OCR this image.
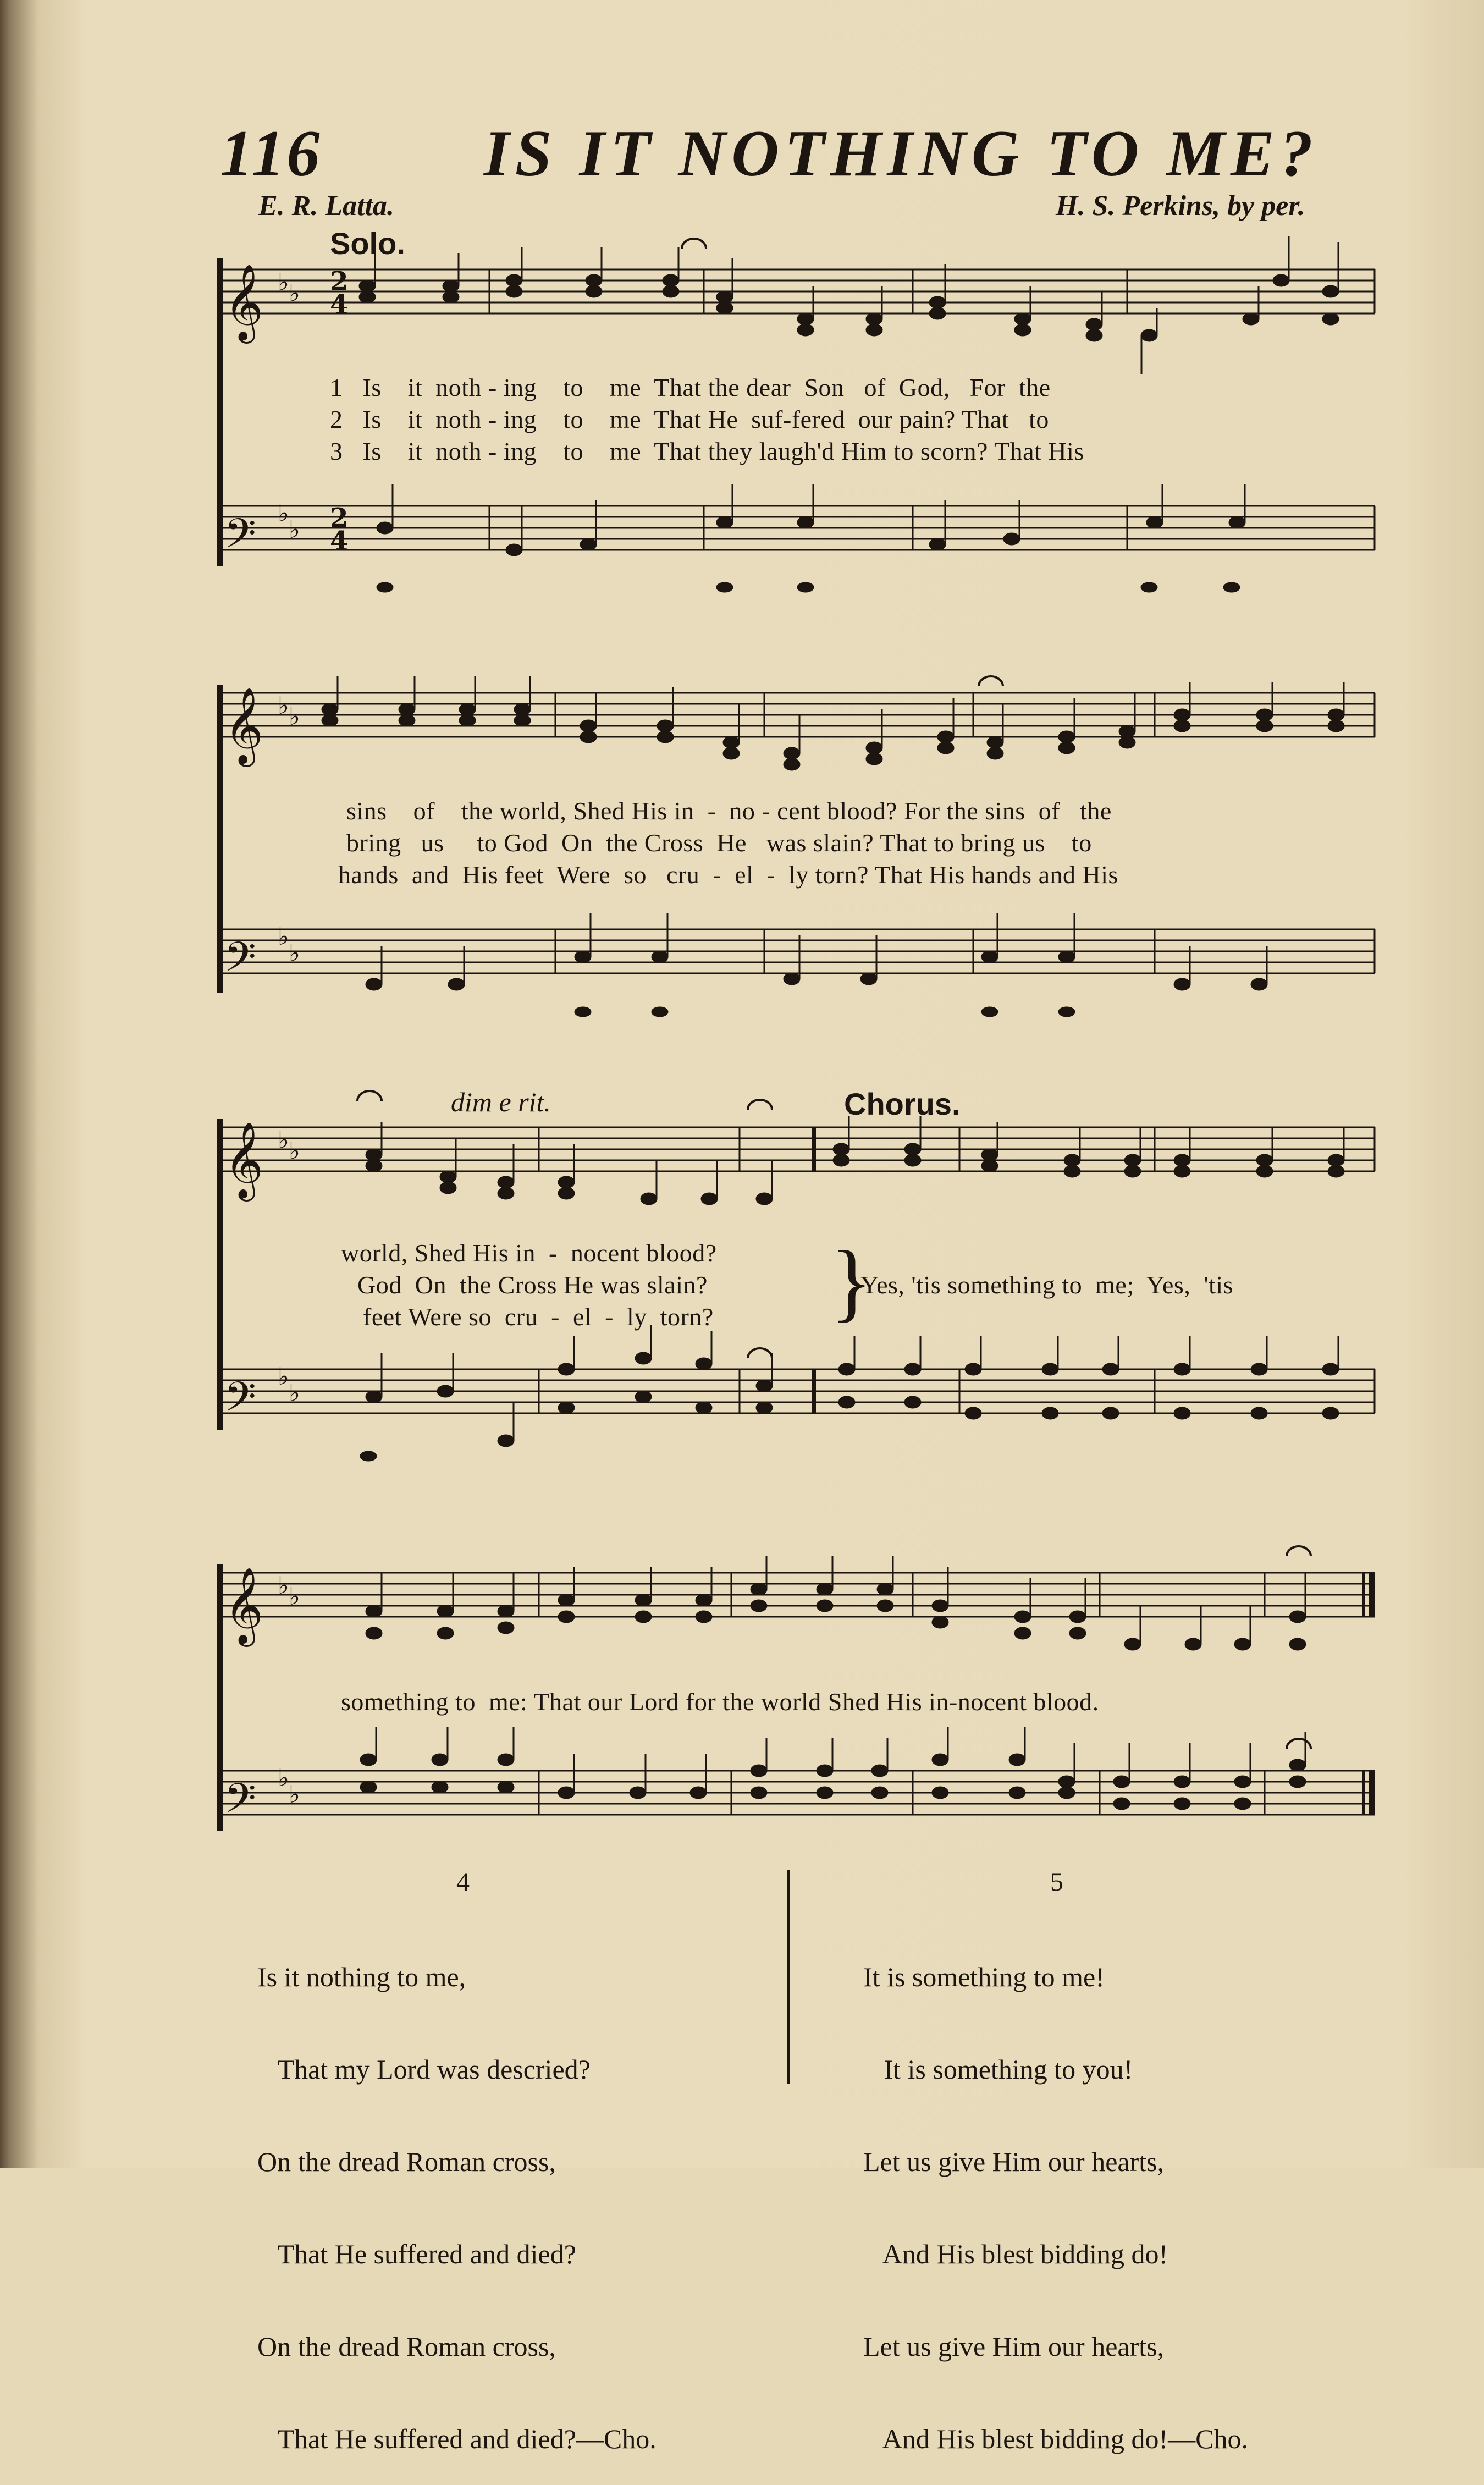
116 IS IT NOTHING TO ME?
E. R. Latta.	H. S. Perkins, by per.
𝄞
𝄢
𝄞
𝄢
𝄞
𝄢
𝄞
𝄢
♭ ♭
♭
♭
♭ ♭
♭
♭
♭ ♭
♭
♭
♭ ♭
♭
♭
2
4
2
4
Solo.
dim e rit.	Chorus.
1   Is    it  noth - ing    to    me  That the dear  Son   of  God,   For  the
2   Is    it  noth - ing    to    me  That He  suf-fered  our pain? That   to
3   Is    it  noth - ing    to    me  That they laugh'd Him to scorn? That His
sins    of    the world, Shed His in  -  no - cent blood? For the sins  of   the
bring   us     to God  On  the Cross  He   was slain? That to bring us    to
hands  and  His feet  Were  so   cru  -  el  -  ly torn? That His hands and His
world, Shed His in  -  nocent blood?
God  On  the Cross He was slain?
feet Were so  cru  -  el  -  ly  torn? }
Yes, 'tis something to  me;  Yes,  'tis
something to  me: That our Lord for the world Shed His in-nocent blood.
4

Is it nothing to me,

That my Lord was descried?

On the dread Roman cross,

That He suffered and died?

On the dread Roman cross,

That He suffered and died?—Cho.

5

It is something to me!

It is something to you!

Let us give Him our hearts,

And His blest bidding do!

Let us give Him our hearts,

And His blest bidding do!—Cho.
